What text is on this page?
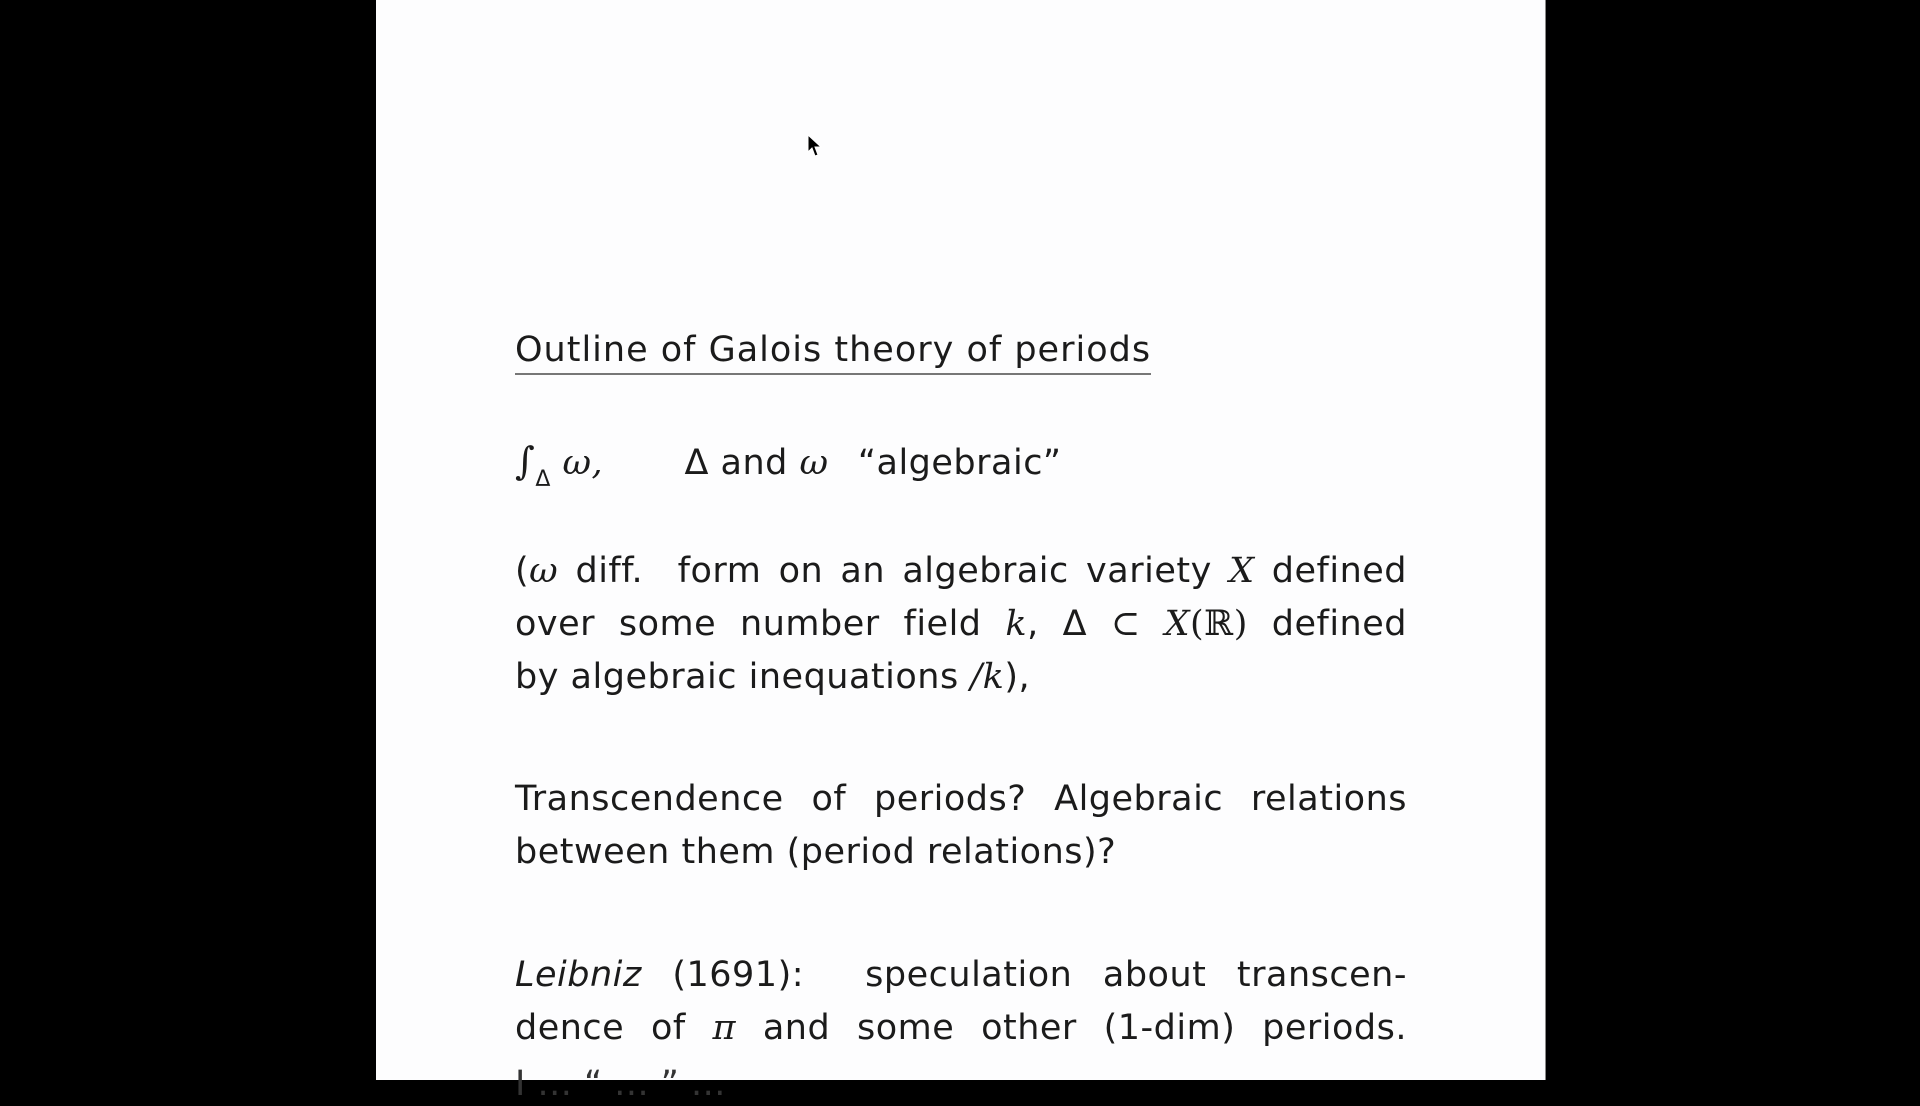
Outline of Galois theory of periods
$\int_\Delta$ ω, Δ and ω “algebraic”
(ω diff.  form on an algebraic variety X defined
over some number field k, Δ ⊂ X(ℝ) defined
by algebraic inequations /k),
Transcendence of periods? Algebraic relations
between them (period relations)?
Leibniz (1691):  speculation about transcen-
dence of π and some other (1-dim) periods.
I ... “ ... ” ...
